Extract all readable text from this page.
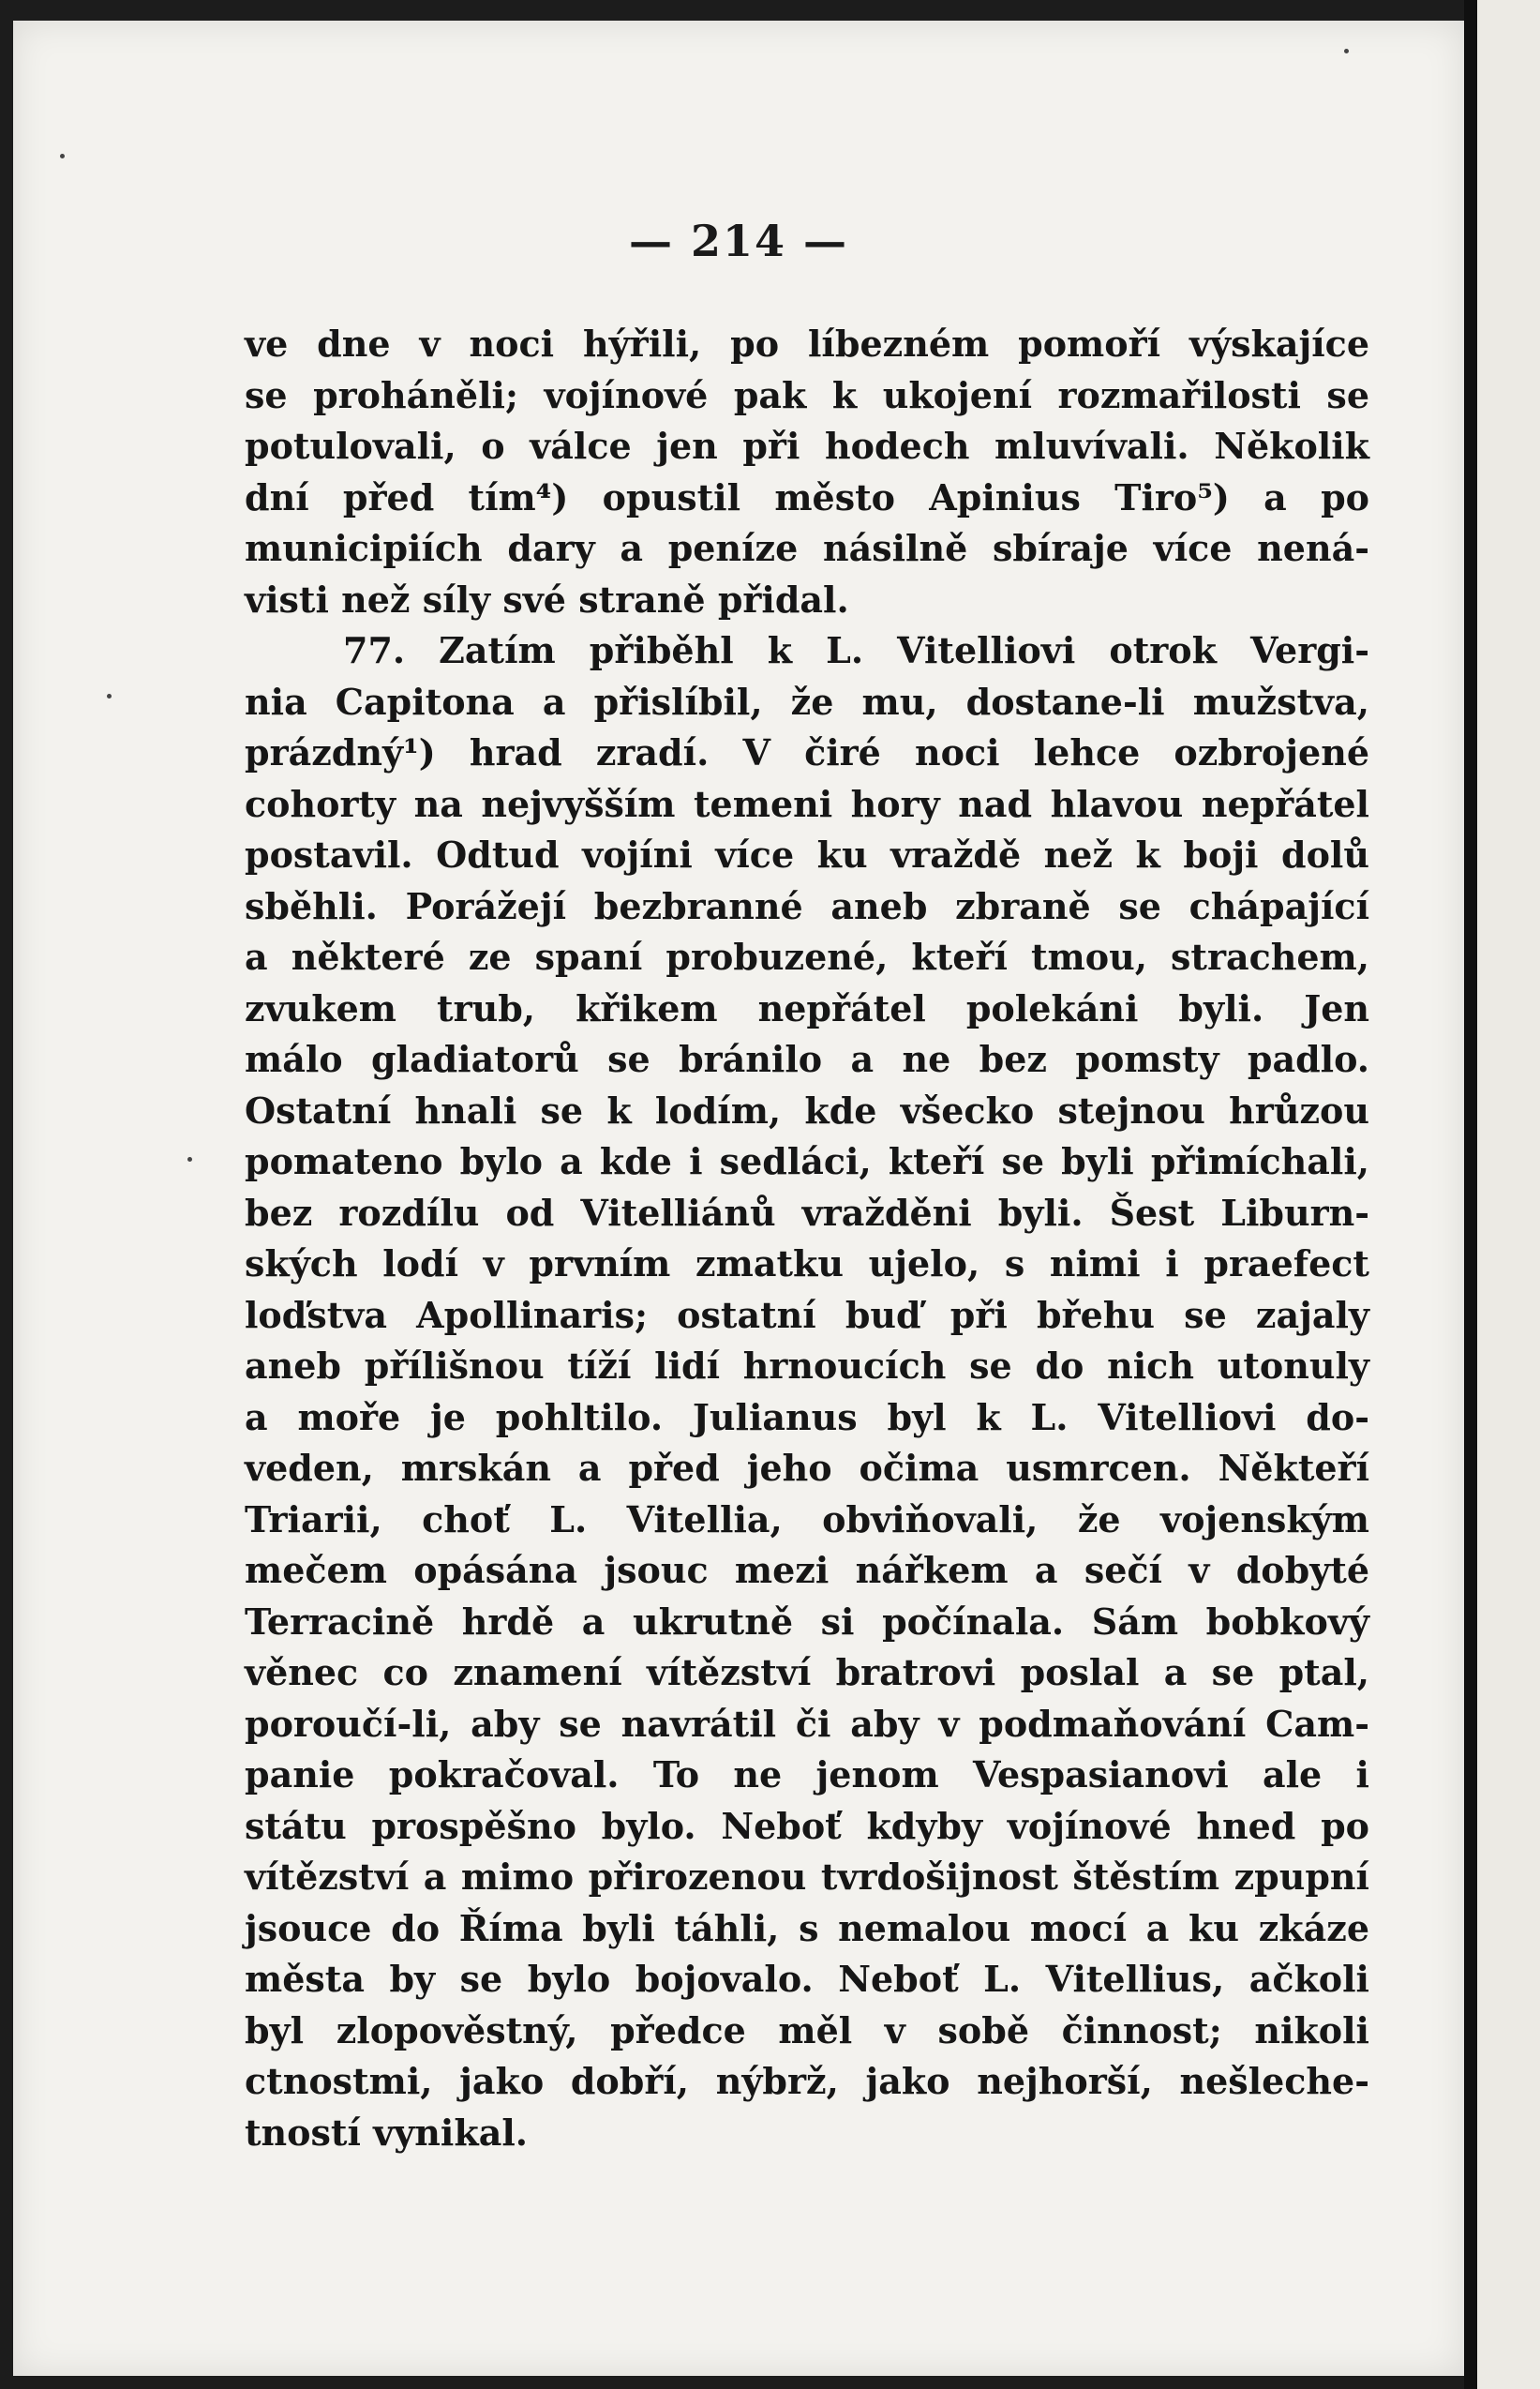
— 214 —
ve dne v noci hýřili, po líbezném pomoří výskajíce
se proháněli; vojínové pak k ukojení rozmařilosti se
potulovali, o válce jen při hodech mluvívali. Několik
dní před tím⁴) opustil město Apinius Tiro⁵) a po
municipiích dary a peníze násilně sbíraje více nená-
visti než síly své straně přidal.
77. Zatím přiběhl k L. Vitelliovi otrok Vergi-
nia Capitona a přislíbil, že mu, dostane-li mužstva,
prázdný¹) hrad zradí. V čiré noci lehce ozbrojené
cohorty na nejvyšším temeni hory nad hlavou nepřátel
postavil. Odtud vojíni více ku vraždě než k boji dolů
sběhli. Porážejí bezbranné aneb zbraně se chápající
a některé ze spaní probuzené, kteří tmou, strachem,
zvukem trub, křikem nepřátel polekáni byli. Jen
málo gladiatorů se bránilo a ne bez pomsty padlo.
Ostatní hnali se k lodím, kde všecko stejnou hrůzou
pomateno bylo a kde i sedláci, kteří se byli přimíchali,
bez rozdílu od Vitelliánů vražděni byli. Šest Liburn-
ských lodí v prvním zmatku ujelo, s nimi i praefect
loďstva Apollinaris; ostatní buď při břehu se zajaly
aneb přílišnou tíží lidí hrnoucích se do nich utonuly
a moře je pohltilo. Julianus byl k L. Vitelliovi do-
veden, mrskán a před jeho očima usmrcen. Někteří
Triarii, choť L. Vitellia, obviňovali, že vojenským
mečem opásána jsouc mezi nářkem a sečí v dobyté
Terracině hrdě a ukrutně si počínala. Sám bobkový
věnec co znamení vítězství bratrovi poslal a se ptal,
poroučí-li, aby se navrátil či aby v podmaňování Cam-
panie pokračoval. To ne jenom Vespasianovi ale i
státu prospěšno bylo. Neboť kdyby vojínové hned po
vítězství a mimo přirozenou tvrdošijnost štěstím zpupní
jsouce do Říma byli táhli, s nemalou mocí a ku zkáze
města by se bylo bojovalo. Neboť L. Vitellius, ačkoli
byl zlopověstný, předce měl v sobě činnost; nikoli
ctnostmi, jako dobří, nýbrž, jako nejhorší, nešleche-
tností vynikal.
